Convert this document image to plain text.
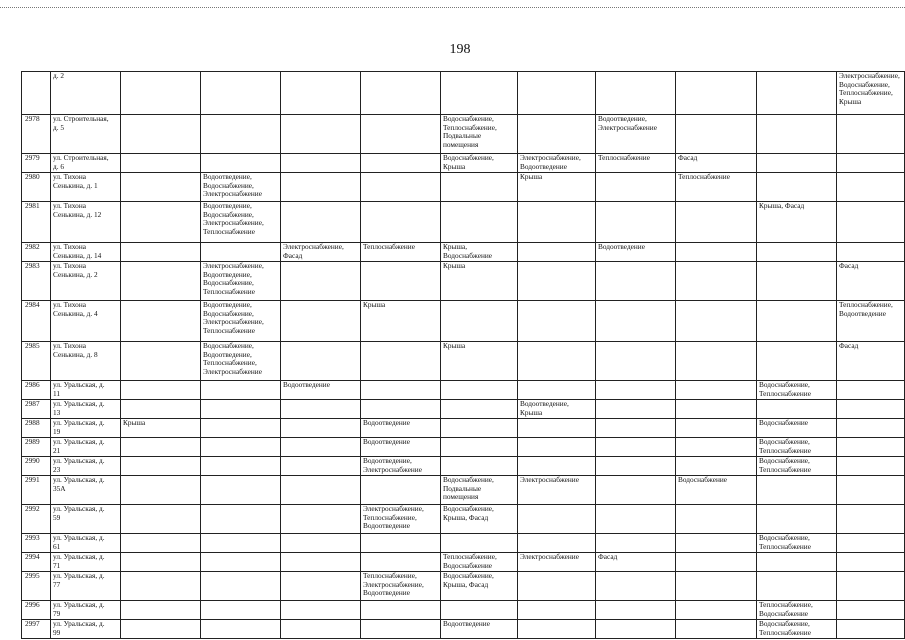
198
	д. 2										Электроснабжение,
Водоснабжение,
Теплоснабжение,
Крыша
2978	ул. Строительная,
д. 5					Водоснабжение,
Теплоснабжение,
Подвальные
помещения		Водоотведение,
Электроснабжение			
2979	ул. Строительная,
д. 6					Водоснабжение,
Крыша	Электроснабжение,
Водоотведение	Теплоснабжение	Фасад		
2980	ул. Тихона
Сенькина, д. 1		Водоотведение,
Водоснабжение,
Электроснабжение				Крыша		Теплоснабжение		
2981	ул. Тихона
Сенькина, д. 12		Водоотведение,
Водоснабжение,
Электроснабжение,
Теплоснабжение							Крыша, Фасад	
2982	ул. Тихона
Сенькина, д. 14			Электроснабжение,
Фасад	Теплоснабжение	Крыша,
Водоснабжение		Водоотведение			
2983	ул. Тихона
Сенькина, д. 2		Электроснабжение,
Водоотведение,
Водоснабжение,
Теплоснабжение			Крыша					Фасад
2984	ул. Тихона
Сенькина, д. 4		Водоотведение,
Водоснабжение,
Электроснабжение,
Теплоснабжение		Крыша						Теплоснабжение,
Водоотведение
2985	ул. Тихона
Сенькина, д. 8		Водоснабжение,
Водоотведение,
Теплоснабжение,
Электроснабжение			Крыша					Фасад
2986	ул. Уральская, д.
11			Водоотведение						Водоснабжение,
Теплоснабжение	
2987	ул. Уральская, д.
13						Водоотведение,
Крыша				
2988	ул. Уральская, д.
19	Крыша			Водоотведение					Водоснабжение	
2989	ул. Уральская, д.
21				Водоотведение					Водоснабжение,
Теплоснабжение	
2990	ул. Уральская, д.
23				Водоотведение,
Электроснабжение					Водоснабжение,
Теплоснабжение	
2991	ул. Уральская, д.
35А					Водоснабжение,
Подвальные
помещения	Электроснабжение		Водоснабжение		
2992	ул. Уральская, д.
59				Электроснабжение,
Теплоснабжение,
Водоотведение	Водоснабжение,
Крыша, Фасад					
2993	ул. Уральская, д.
61									Водоснабжение,
Теплоснабжение	
2994	ул. Уральская, д.
71					Теплоснабжение,
Водоснабжение	Электроснабжение	Фасад			
2995	ул. Уральская, д.
77				Теплоснабжение,
Электроснабжение,
Водоотведение	Водоснабжение,
Крыша, Фасад					
2996	ул. Уральская, д.
79									Теплоснабжение,
Водоснабжение	
2997	ул. Уральская, д.
99					Водоотведение				Водоснабжение,
Теплоснабжение	
